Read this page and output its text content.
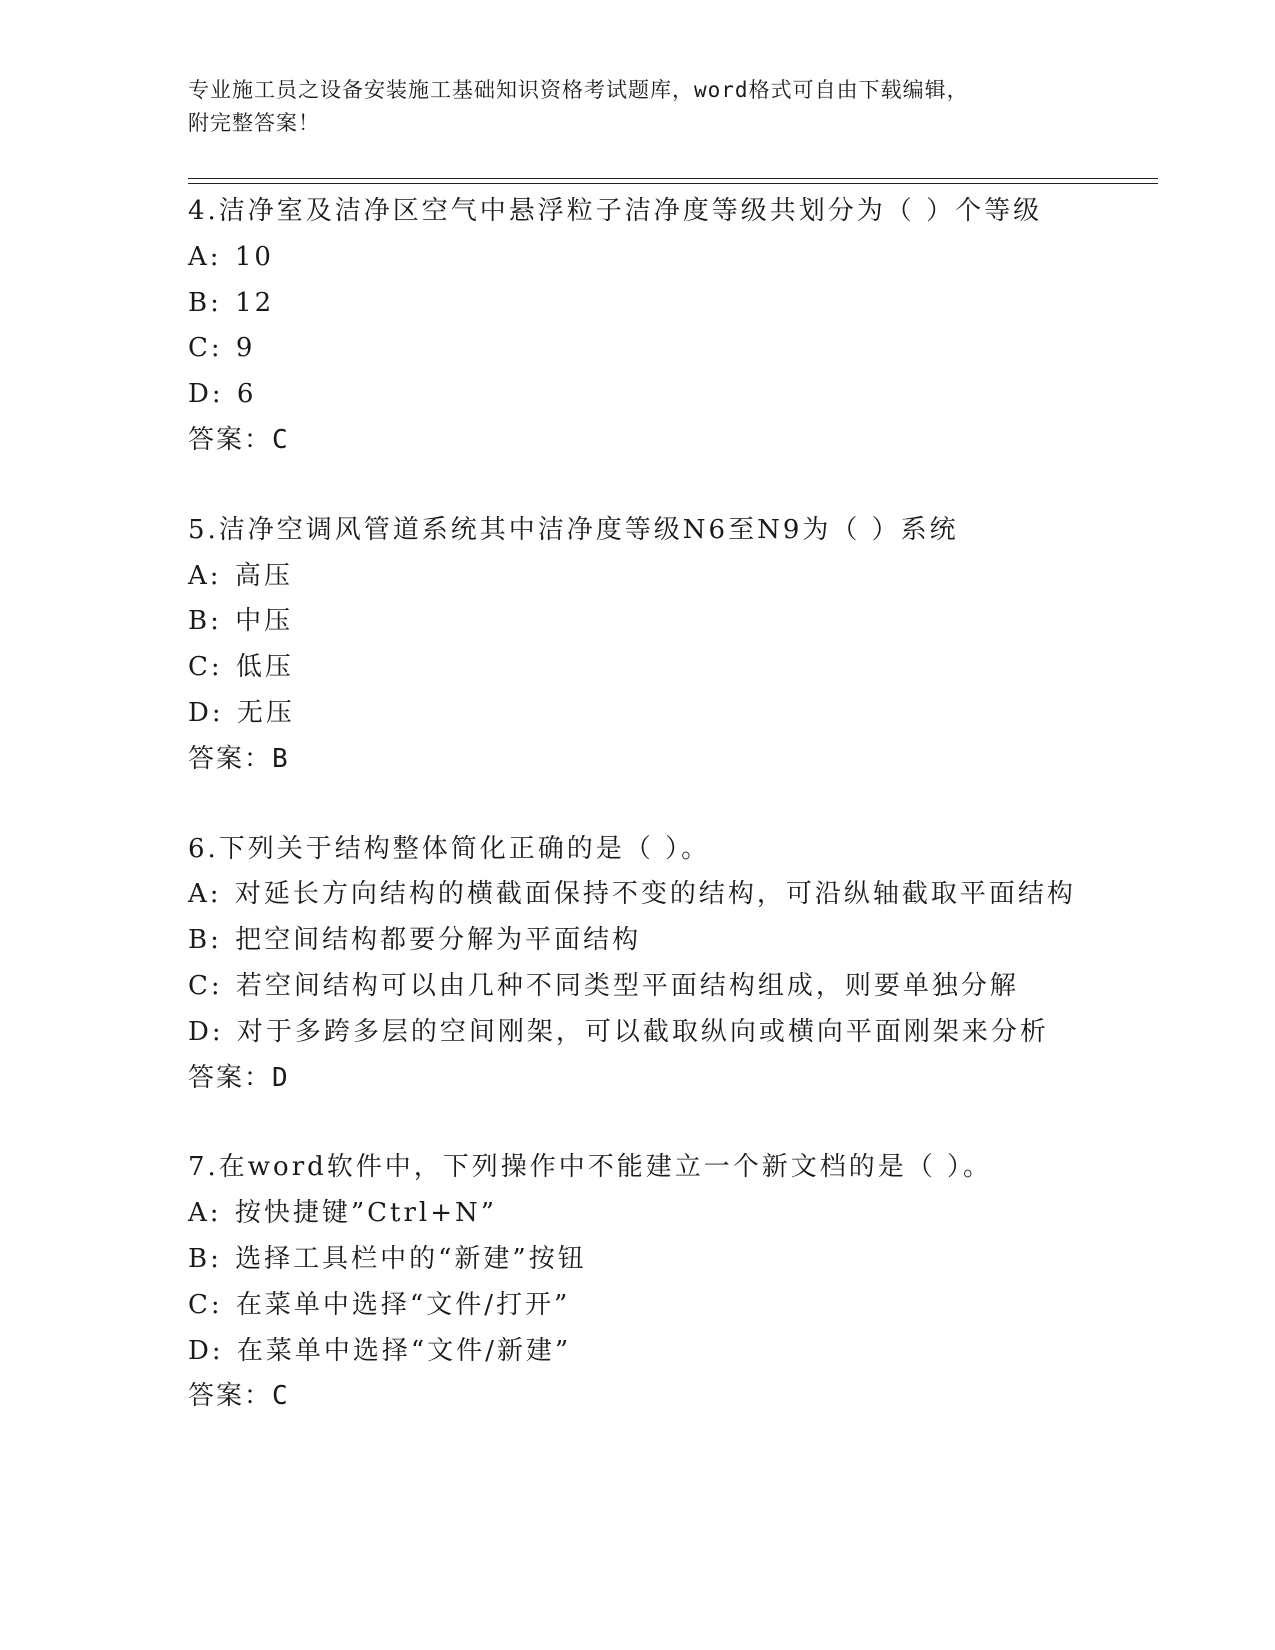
专业施工员之设备安装施工基础知识资格考试题库，word格式可自由下载编辑，
附完整答案！
4.洁净室及洁净区空气中悬浮粒子洁净度等级共划分为（ ）个等级
A: 10
B: 12
C: 9
D: 6
答案：C
5.洁净空调风管道系统其中洁净度等级N6至N9为（ ）系统
A: 高压
B: 中压
C: 低压
D: 无压
答案：B
6.下列关于结构整体简化正确的是（ ）。
A: 对延长方向结构的横截面保持不变的结构，可沿纵轴截取平面结构
B: 把空间结构都要分解为平面结构
C: 若空间结构可以由几种不同类型平面结构组成，则要单独分解
D: 对于多跨多层的空间刚架，可以截取纵向或横向平面刚架来分析
答案：D
7.在word软件中，下列操作中不能建立一个新文档的是（ ）。
A: 按快捷键”Ctrl+N”
B: 选择工具栏中的“新建”按钮
C: 在菜单中选择“文件/打开”
D: 在菜单中选择“文件/新建”
答案：C
